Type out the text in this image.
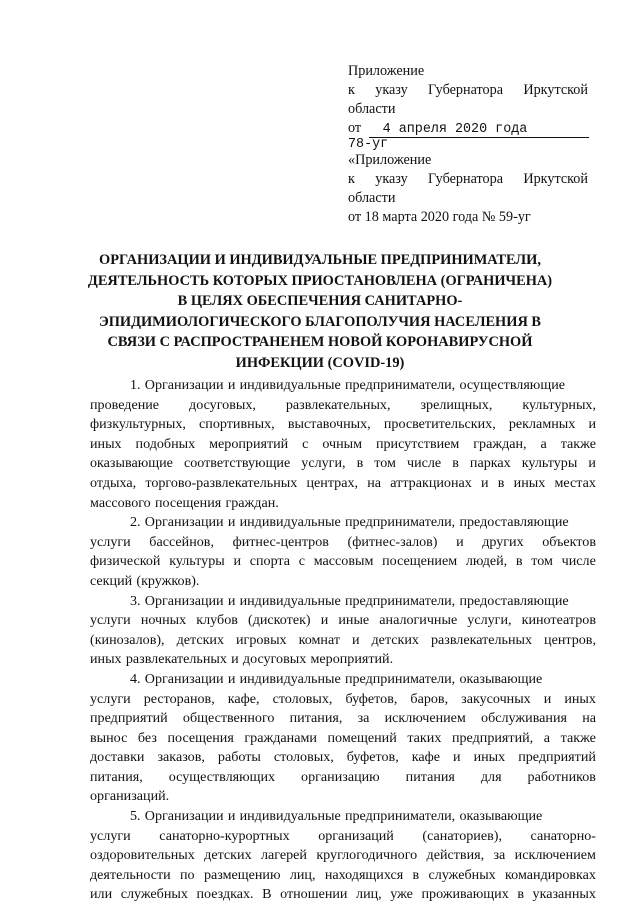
Приложение
к указу Губернатора Иркутской
области
от 4 апреля 2020 года
78-уг
«Приложение
к указу Губернатора Иркутской
области
от 18 марта 2020 года № 59-уг
ОРГАНИЗАЦИИ И ИНДИВИДУАЛЬНЫЕ ПРЕДПРИНИМАТЕЛИ,
ДЕЯТЕЛЬНОСТЬ КОТОРЫХ ПРИОСТАНОВЛЕНА (ОГРАНИЧЕНА)
В ЦЕЛЯХ ОБЕСПЕЧЕНИЯ САНИТАРНО-
ЭПИДИМИОЛОГИЧЕСКОГО БЛАГОПОЛУЧИЯ НАСЕЛЕНИЯ В
СВЯЗИ С РАСПРОСТРАНЕНЕМ НОВОЙ КОРОНАВИРУСНОЙ
ИНФЕКЦИИ (COVID-19)
1. Организации и индивидуальные предприниматели, осуществляющие
проведение досуговых, развлекательных, зрелищных, культурных,
физкультурных, спортивных, выставочных, просветительских, рекламных и
иных подобных мероприятий с очным присутствием граждан, а также
оказывающие соответствующие услуги, в том числе в парках культуры и
отдыха, торгово-развлекательных центрах, на аттракционах и в иных местах
массового посещения граждан.
2. Организации и индивидуальные предприниматели, предоставляющие
услуги бассейнов, фитнес-центров (фитнес-залов) и других объектов
физической культуры и спорта с массовым посещением людей, в том числе
секций (кружков).
3. Организации и индивидуальные предприниматели, предоставляющие
услуги ночных клубов (дискотек) и иные аналогичные услуги, кинотеатров
(кинозалов), детских игровых комнат и детских развлекательных центров,
иных развлекательных и досуговых мероприятий.
4. Организации и индивидуальные предприниматели, оказывающие
услуги ресторанов, кафе, столовых, буфетов, баров, закусочных и иных
предприятий общественного питания, за исключением обслуживания на
вынос без посещения гражданами помещений таких предприятий, а также
доставки заказов, работы столовых, буфетов, кафе и иных предприятий
питания, осуществляющих организацию питания для работников
организаций.
5. Организации и индивидуальные предприниматели, оказывающие
услуги санаторно-курортных организаций (санаториев), санаторно-
оздоровительных детских лагерей круглогодичного действия, за исключением
деятельности по размещению лиц, находящихся в служебных командировках
или служебных поездках. В отношении лиц, уже проживающих в указанных
